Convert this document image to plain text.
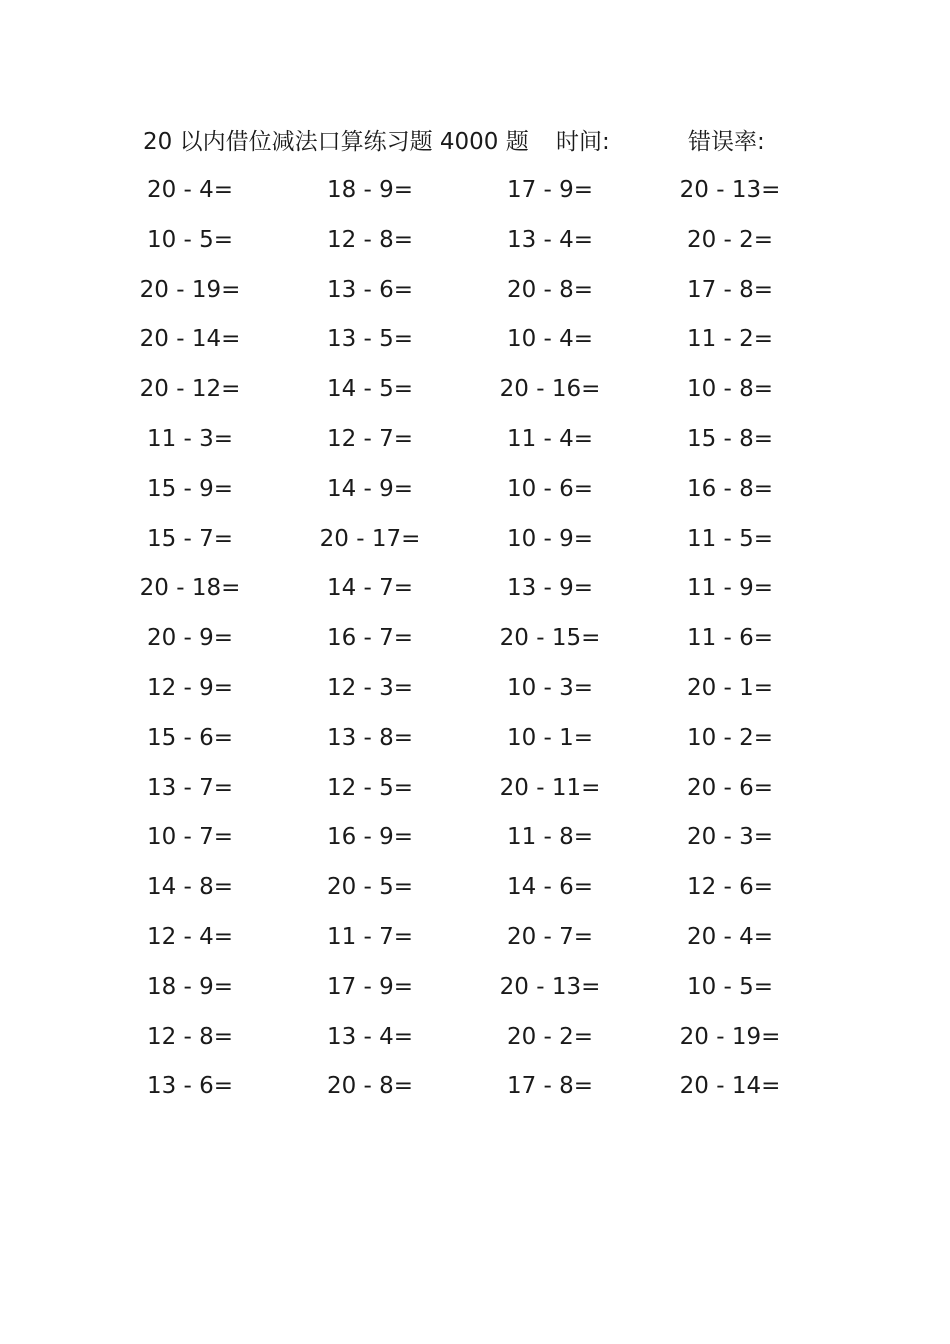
20 以内借位减法口算练习题 4000 题 时间:	错误率:
20 - 4=	18 - 9=	17 - 9=	20 - 13=
10 - 5=	12 - 8=	13 - 4=	20 - 2=
20 - 19=	13 - 6=	20 - 8=	17 - 8=
20 - 14=	13 - 5=	10 - 4=	11 - 2=
20 - 12=	14 - 5=	20 - 16=	10 - 8=
11 - 3=	12 - 7=	11 - 4=	15 - 8=
15 - 9=	14 - 9=	10 - 6=	16 - 8=
15 - 7=	20 - 17=	10 - 9=	11 - 5=
20 - 18=	14 - 7=	13 - 9=	11 - 9=
20 - 9=	16 - 7=	20 - 15=	11 - 6=
12 - 9=	12 - 3=	10 - 3=	20 - 1=
15 - 6=	13 - 8=	10 - 1=	10 - 2=
13 - 7=	12 - 5=	20 - 11=	20 - 6=
10 - 7=	16 - 9=	11 - 8=	20 - 3=
14 - 8=	20 - 5=	14 - 6=	12 - 6=
12 - 4=	11 - 7=	20 - 7=	20 - 4=
18 - 9=	17 - 9=	20 - 13=	10 - 5=
12 - 8=	13 - 4=	20 - 2=	20 - 19=
13 - 6=	20 - 8=	17 - 8=	20 - 14=
